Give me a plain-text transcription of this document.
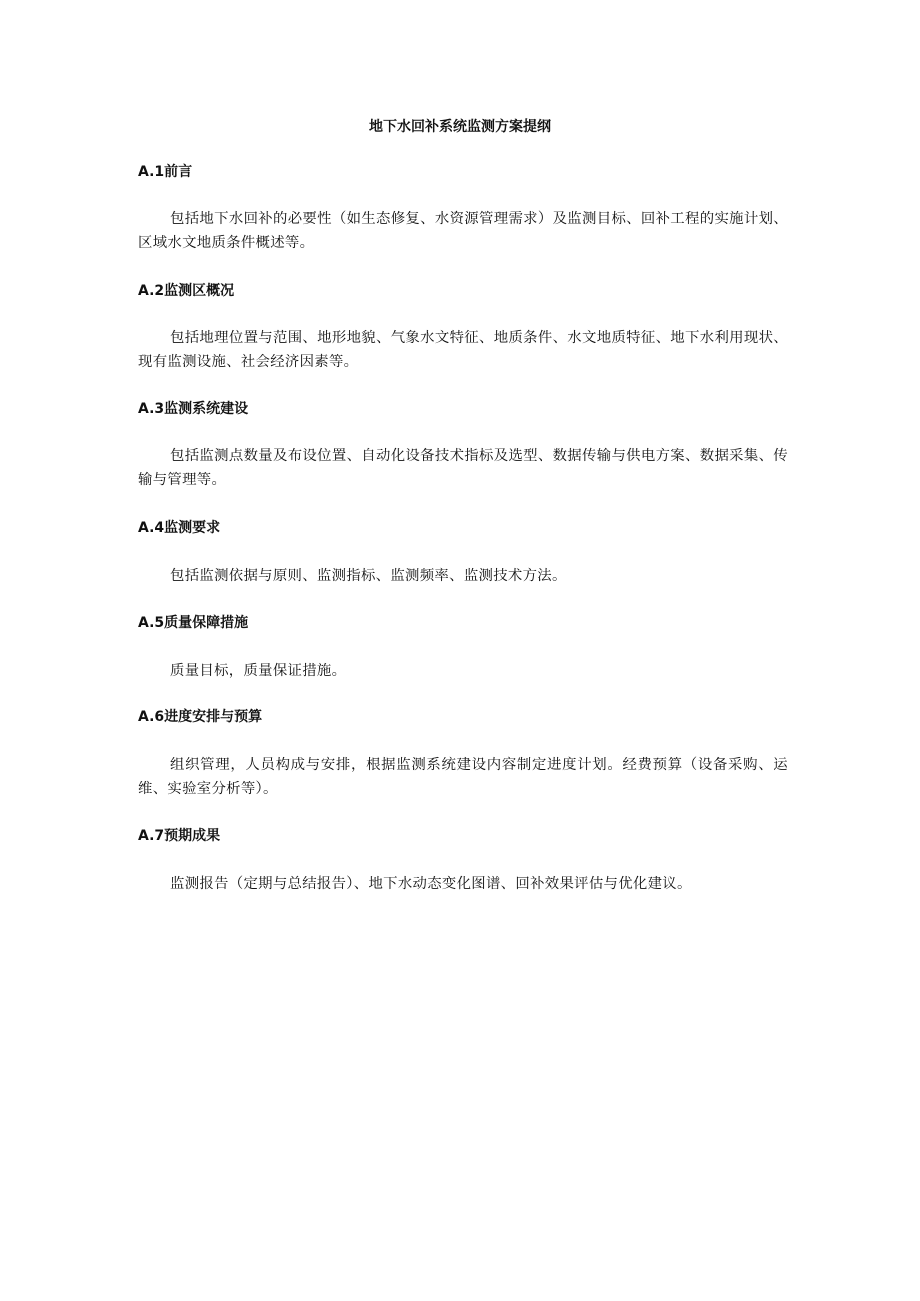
地下水回补系统监测方案提纲
A.1前言
包括地下水回补的必要性（如生态修复、水资源管理需求）及监测目标、回补工程的实施计划、区域水文地质条件概述等。
A.2监测区概况
包括地理位置与范围、地形地貌、气象水文特征、地质条件、水文地质特征、地下水利用现状、现有监测设施、社会经济因素等。
A.3监测系统建设
包括监测点数量及布设位置、自动化设备技术指标及选型、数据传输与供电方案、数据采集、传输与管理等。
A.4监测要求
包括监测依据与原则、监测指标、监测频率、监测技术方法。
A.5质量保障措施
质量目标，质量保证措施。
A.6进度安排与预算
组织管理，人员构成与安排，根据监测系统建设内容制定进度计划。经费预算（设备采购、运维、实验室分析等）。
A.7预期成果
监测报告（定期与总结报告）、地下水动态变化图谱、回补效果评估与优化建议。
